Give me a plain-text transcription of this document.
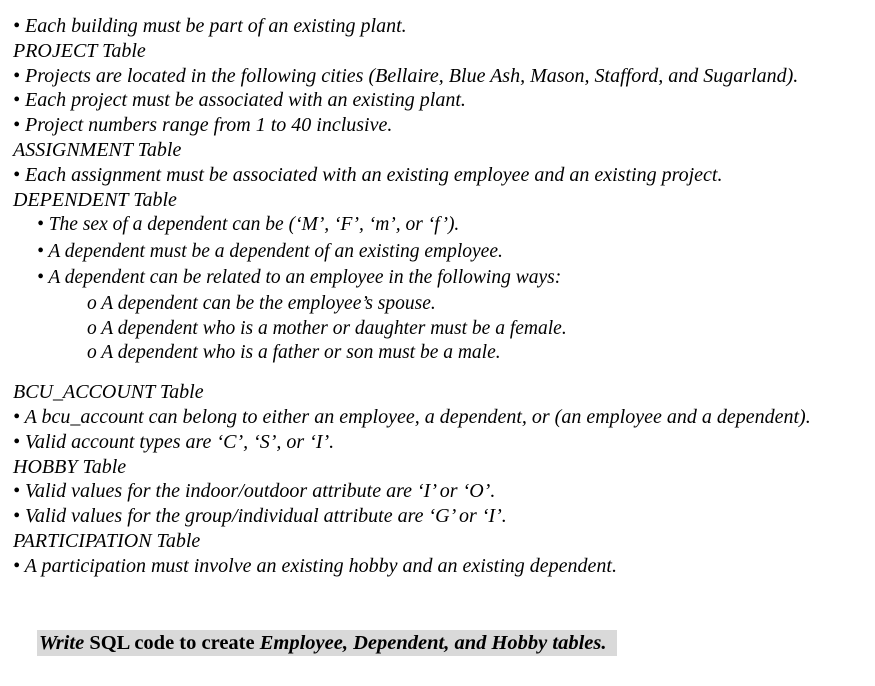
• Each building must be part of an existing plant.
PROJECT Table
• Projects are located in the following cities (Bellaire, Blue Ash, Mason, Stafford, and Sugarland).
• Each project must be associated with an existing plant.
• Project numbers range from 1 to 40 inclusive.
ASSIGNMENT Table
• Each assignment must be associated with an existing employee and an existing project.
DEPENDENT Table
• The sex of a dependent can be (‘M’, ‘F’, ‘m’, or ‘f’).
• A dependent must be a dependent of an existing employee.
• A dependent can be related to an employee in the following ways:
o A dependent can be the employee’s spouse.
o A dependent who is a mother or daughter must be a female.
o A dependent who is a father or son must be a male.
BCU_ACCOUNT Table
• A bcu_account can belong to either an employee, a dependent, or (an employee and a dependent).
• Valid account types are ‘C’, ‘S’, or ‘I’.
HOBBY Table
• Valid values for the indoor/outdoor attribute are ‘I’ or ‘O’.
• Valid values for the group/individual attribute are ‘G’ or ‘I’.
PARTICIPATION Table
• A participation must involve an existing hobby and an existing dependent.
Write SQL code to create Employee, Dependent, and Hobby tables.
